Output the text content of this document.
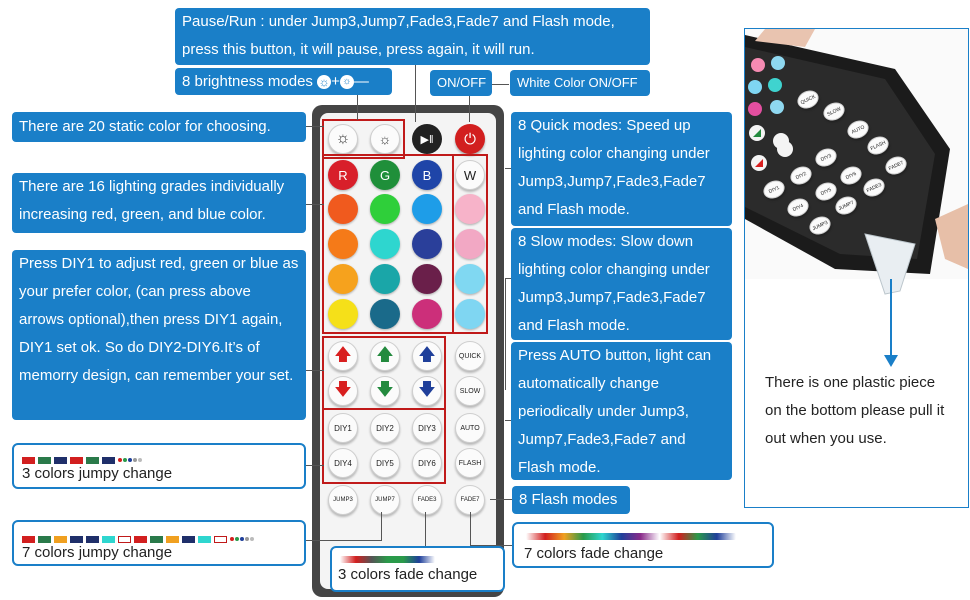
☼ ☼	▶‖ ⏻
R G	B	W
🡅 🡅 🡅
🡇 🡇 🡇
QUICK
SLOW
DIY1	DIY2	DIY3
DIY4	DIY5	DIY6
AUTO
FLASH
JUMP3	JUMP7	FADE3	FADE7
Pause/Run : under Jump3,Jump7,Fade3,Fade7 and Flash mode, press this button, it will pause, press again, it will run.
8 brightness modes ☼ + ☼ —	ON/OFF	White Color ON/OFF
There are 20 static color for choosing.
There are 16 lighting grades individually increasing red, green, and blue color.
Press DIY1 to adjust red, green or blue as your prefer color, (can press above arrows optional),then press DIY1 again, DIY1 set ok. So do DIY2-DIY6.It’s of memorry design, can remember your set.
8 Quick modes: Speed up lighting color changing under Jump3,Jump7,Fade3,Fade7 and Flash mode.
8 Slow modes: Slow down lighting color changing under Jump3,Jump7,Fade3,Fade7 and Flash mode.
Press AUTO button, light can automatically change periodically under Jump3, Jump7,Fade3,Fade7 and Flash mode.
8 Flash modes
3 colors jumpy change
7 colors jumpy change
3 colors fade change
7 colors fade change
QUICK
SLOW
AUTO
FLASH
DIY3
DIY6
FADE7
DIY2
DIY5	FADE3
DIY1
DIY4	JUMP7
JUMP3
There is one plastic piece on the bottom please pull it out when you use.
